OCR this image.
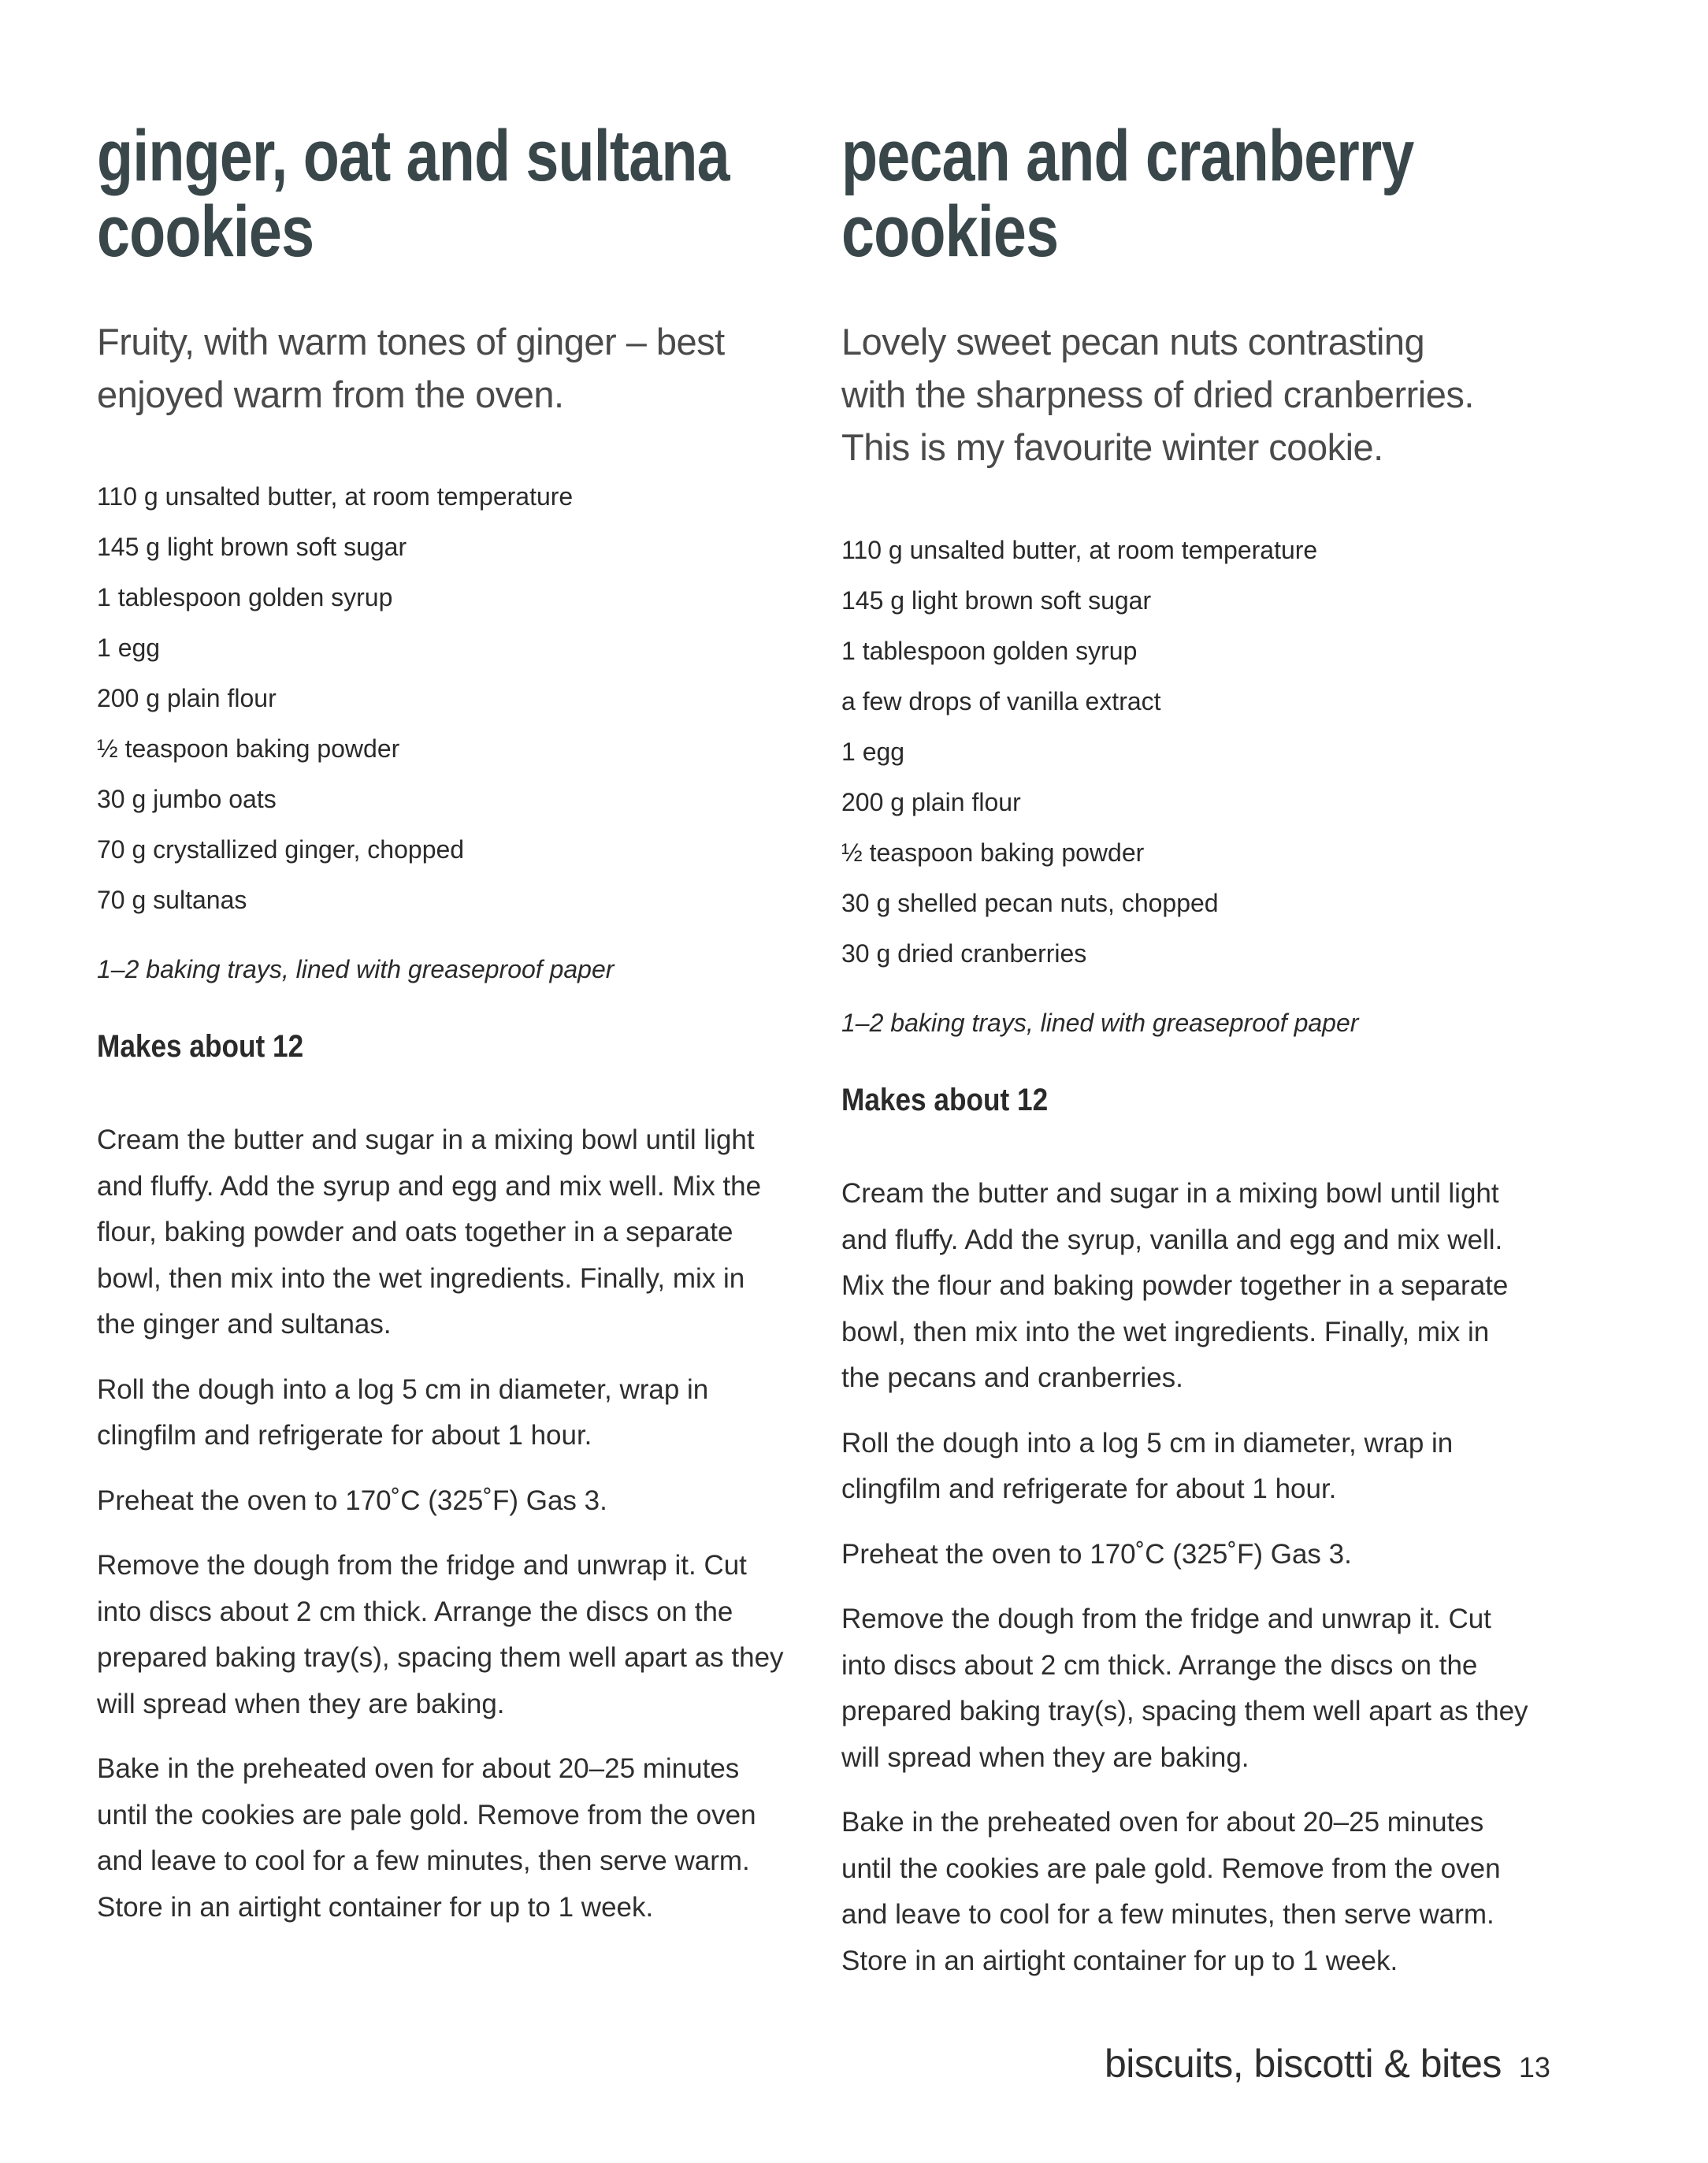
ginger, oat and sultana
cookies

Fruity, with warm tones of ginger – best enjoyed warm from the oven.

110 g unsalted butter, at room temperature
145 g light brown soft sugar
1 tablespoon golden syrup
1 egg
200 g plain flour
½ teaspoon baking powder
30 g jumbo oats
70 g crystallized ginger, chopped
70 g sultanas

1–2 baking trays, lined with greaseproof paper

Makes about 12

Cream the butter and sugar in a mixing bowl until light and fluffy. Add the syrup and egg and mix well. Mix the flour, baking powder and oats together in a separate bowl, then mix into the wet ingredients. Finally, mix in the ginger and sultanas.

Roll the dough into a log 5 cm in diameter, wrap in clingfilm and refrigerate for about 1 hour.

Preheat the oven to 170˚C (325˚F) Gas 3.

Remove the dough from the fridge and unwrap it. Cut into discs about 2 cm thick. Arrange the discs on the prepared baking tray(s), spacing them well apart as they will spread when they are baking.

Bake in the preheated oven for about 20–25 minutes until the cookies are pale gold. Remove from the oven and leave to cool for a few minutes, then serve warm. Store in an airtight container for up to 1 week.

pecan and cranberry
cookies

Lovely sweet pecan nuts contrasting with the sharpness of dried cranberries. This is my favourite winter cookie.

110 g unsalted butter, at room temperature
145 g light brown soft sugar
1 tablespoon golden syrup
a few drops of vanilla extract
1 egg
200 g plain flour
½ teaspoon baking powder
30 g shelled pecan nuts, chopped
30 g dried cranberries

1–2 baking trays, lined with greaseproof paper

Makes about 12

Cream the butter and sugar in a mixing bowl until light and fluffy. Add the syrup, vanilla and egg and mix well. Mix the flour and baking powder together in a separate bowl, then mix into the wet ingredients. Finally, mix in the pecans and cranberries.

Roll the dough into a log 5 cm in diameter, wrap in clingfilm and refrigerate for about 1 hour.

Preheat the oven to 170˚C (325˚F) Gas 3.

Remove the dough from the fridge and unwrap it. Cut into discs about 2 cm thick. Arrange the discs on the prepared baking tray(s), spacing them well apart as they will spread when they are baking.

Bake in the preheated oven for about 20–25 minutes until the cookies are pale gold. Remove from the oven and leave to cool for a few minutes, then serve warm. Store in an airtight container for up to 1 week.

biscuits, biscotti & bites 13
